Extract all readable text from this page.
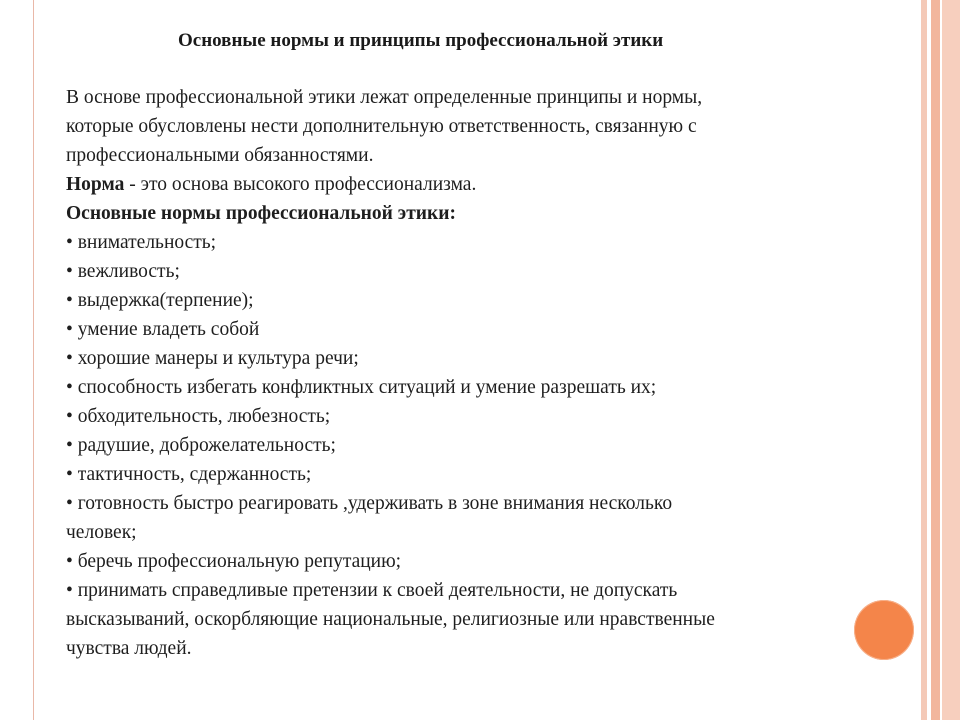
Основные нормы и принципы профессиональной этики
В основе профессиональной этики лежат определенные принципы и нормы,
которые обусловлены нести дополнительную ответственность, связанную с
профессиональными обязанностями.
Норма - это основа высокого профессионализма.
Основные нормы профессиональной этики:
• внимательность;
• вежливость;
• выдержка(терпение);
• умение владеть собой
• хорошие манеры и культура речи;
• способность избегать конфликтных ситуаций и умение разрешать их;
• обходительность, любезность;
• радушие, доброжелательность;
• тактичность, сдержанность;
• готовность быстро реагировать ,удерживать в зоне внимания несколько
человек;
• беречь профессиональную репутацию;
• принимать справедливые претензии к своей деятельности, не допускать
высказываний, оскорбляющие национальные, религиозные или нравственные
чувства людей.
